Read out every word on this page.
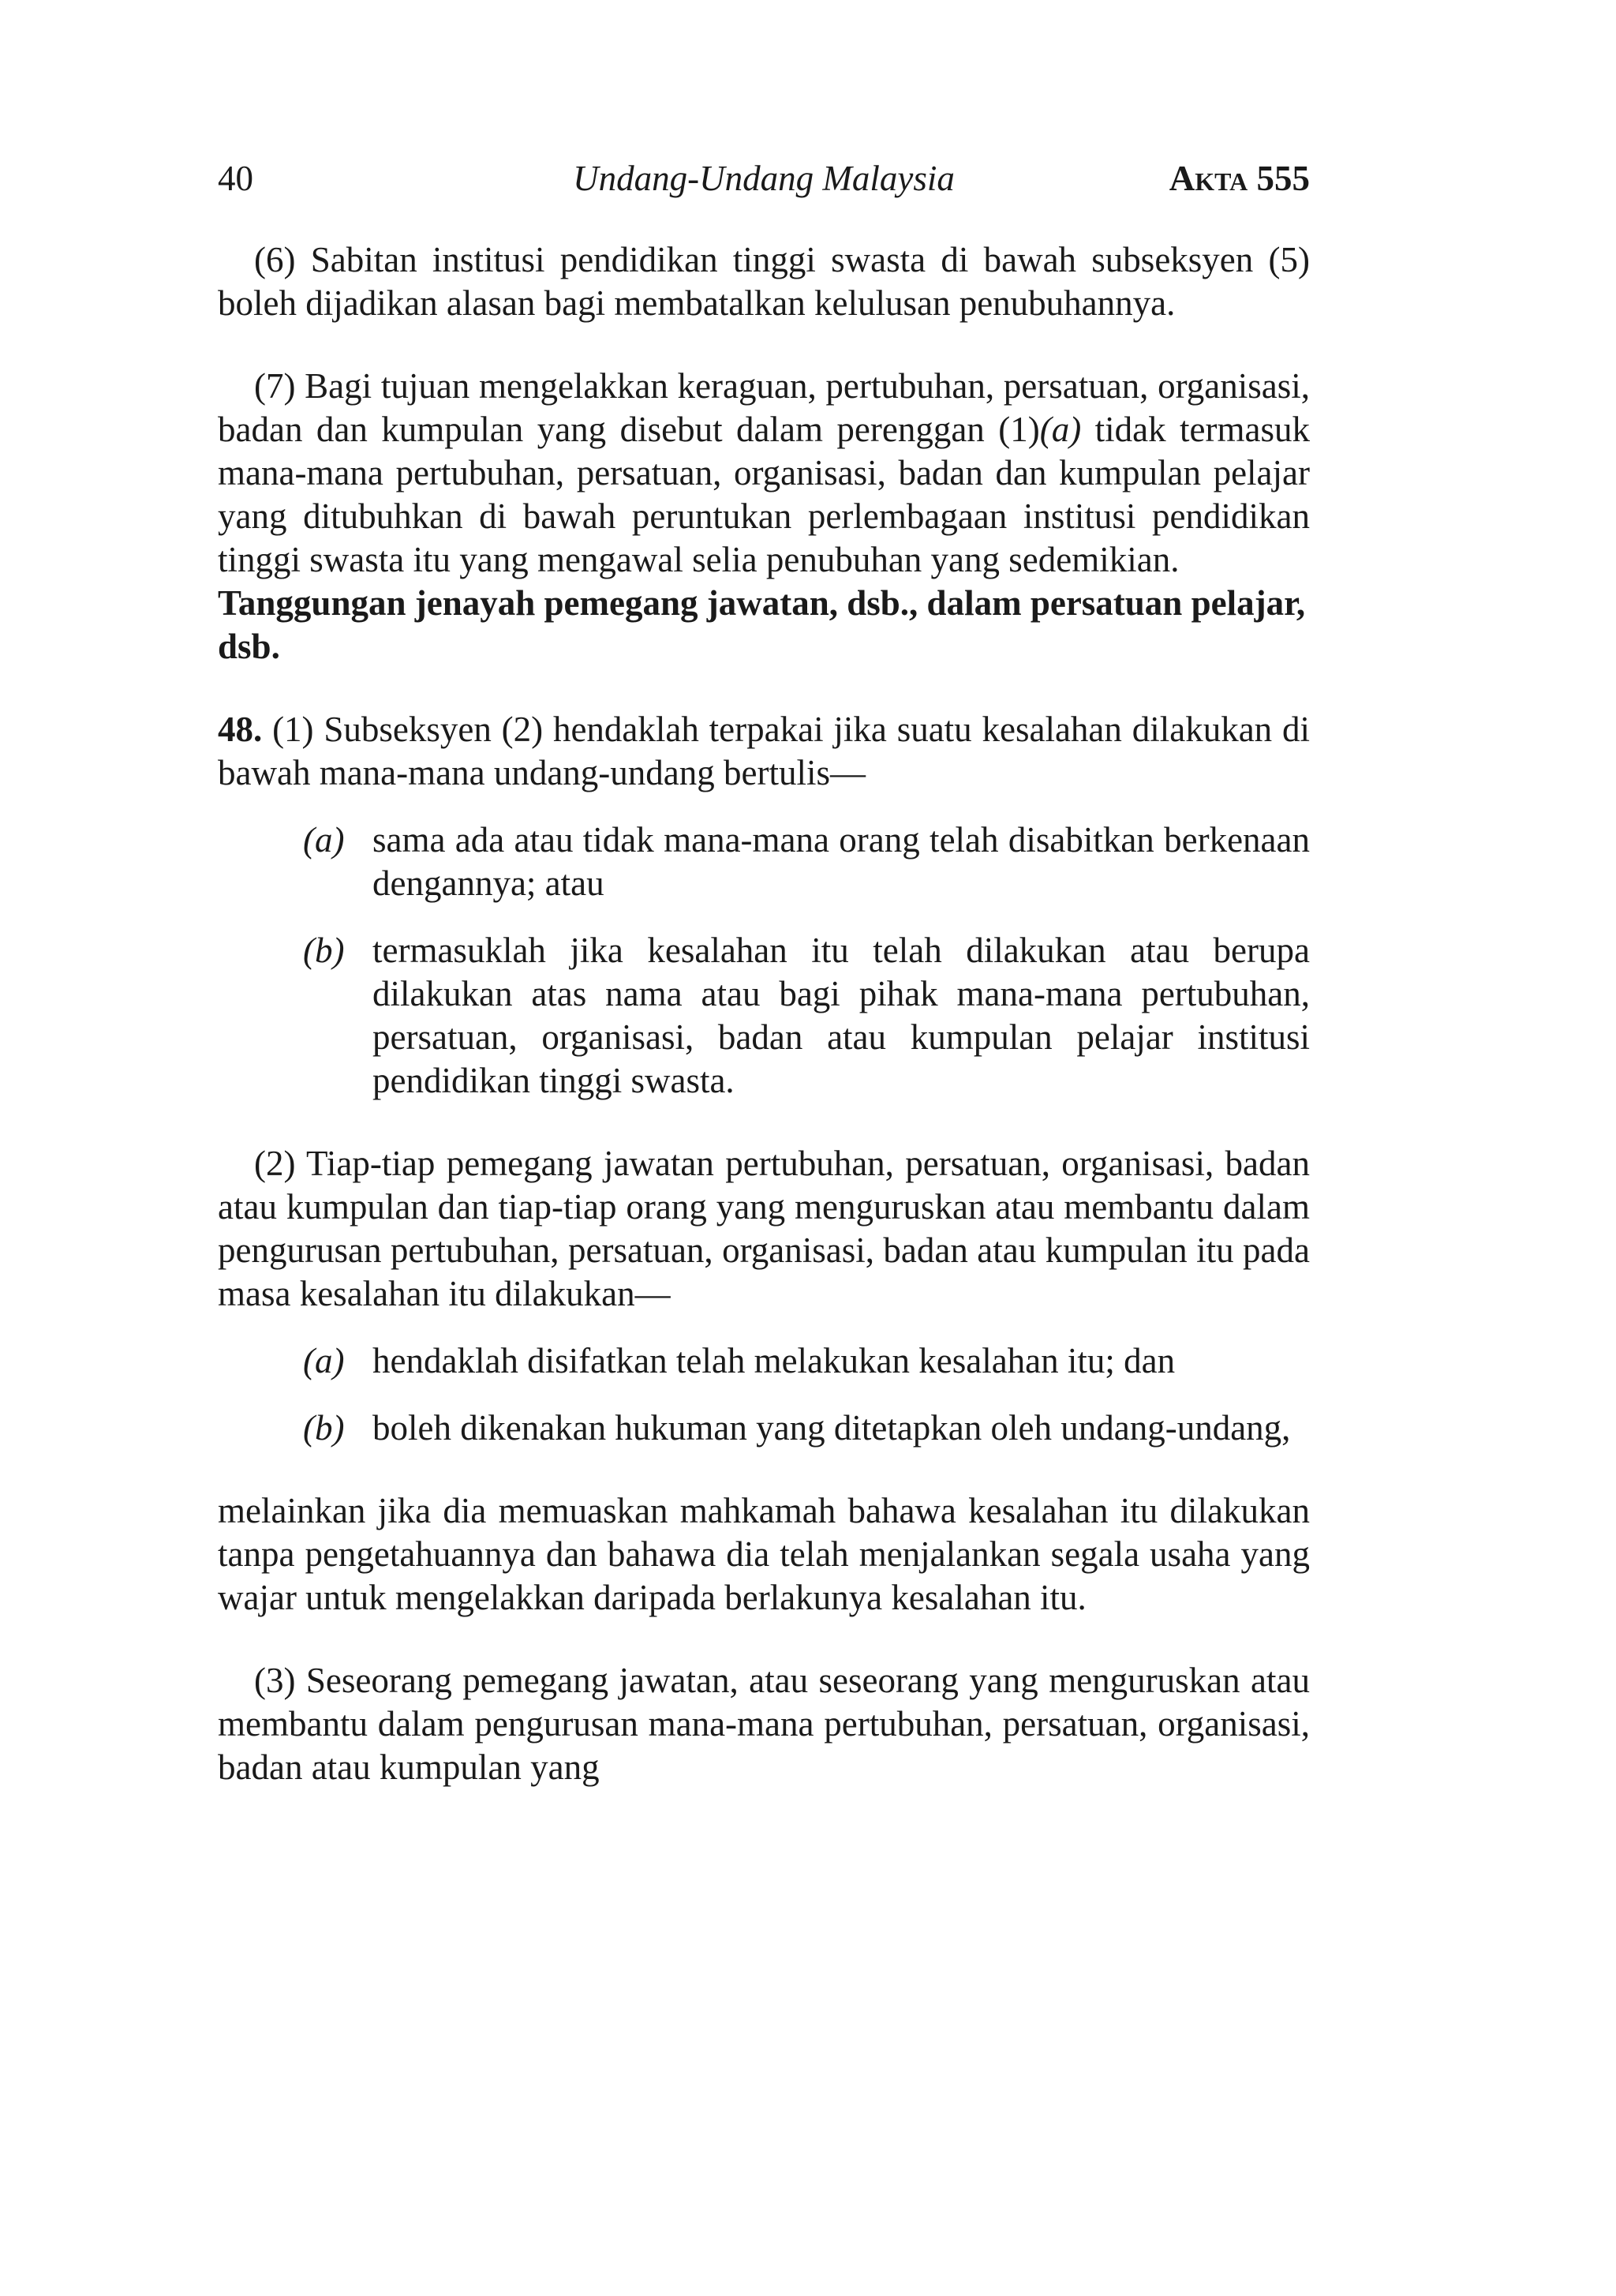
40	Undang-Undang Malaysia	Akta 555

(6) Sabitan institusi pendidikan tinggi swasta di bawah subseksyen (5) boleh dijadikan alasan bagi membatalkan kelulusan penubuhannya.

(7) Bagi tujuan mengelakkan keraguan, pertubuhan, persatuan, organisasi, badan dan kumpulan yang disebut dalam perenggan (1)(a) tidak termasuk mana-mana pertubuhan, persatuan, organisasi, badan dan kumpulan pelajar yang ditubuhkan di bawah peruntukan perlembagaan institusi pendidikan tinggi swasta itu yang mengawal selia penubuhan yang sedemikian.

Tanggungan jenayah pemegang jawatan, dsb., dalam persatuan pelajar, dsb.

48. (1) Subseksyen (2) hendaklah terpakai jika suatu kesalahan dilakukan di bawah mana-mana undang-undang bertulis—

(a) sama ada atau tidak mana-mana orang telah disabitkan berkenaan dengannya; atau
(b) termasuklah jika kesalahan itu telah dilakukan atau berupa dilakukan atas nama atau bagi pihak mana-mana pertubuhan, persatuan, organisasi, badan atau kumpulan pelajar institusi pendidikan tinggi swasta.

(2) Tiap-tiap pemegang jawatan pertubuhan, persatuan, organisasi, badan atau kumpulan dan tiap-tiap orang yang menguruskan atau membantu dalam pengurusan pertubuhan, persatuan, organisasi, badan atau kumpulan itu pada masa kesalahan itu dilakukan—

(a) hendaklah disifatkan telah melakukan kesalahan itu; dan
(b) boleh dikenakan hukuman yang ditetapkan oleh undang-undang,

melainkan jika dia memuaskan mahkamah bahawa kesalahan itu dilakukan tanpa pengetahuannya dan bahawa dia telah menjalankan segala usaha yang wajar untuk mengelakkan daripada berlakunya kesalahan itu.

(3) Seseorang pemegang jawatan, atau seseorang yang menguruskan atau membantu dalam pengurusan mana-mana pertubuhan, persatuan, organisasi, badan atau kumpulan yang
